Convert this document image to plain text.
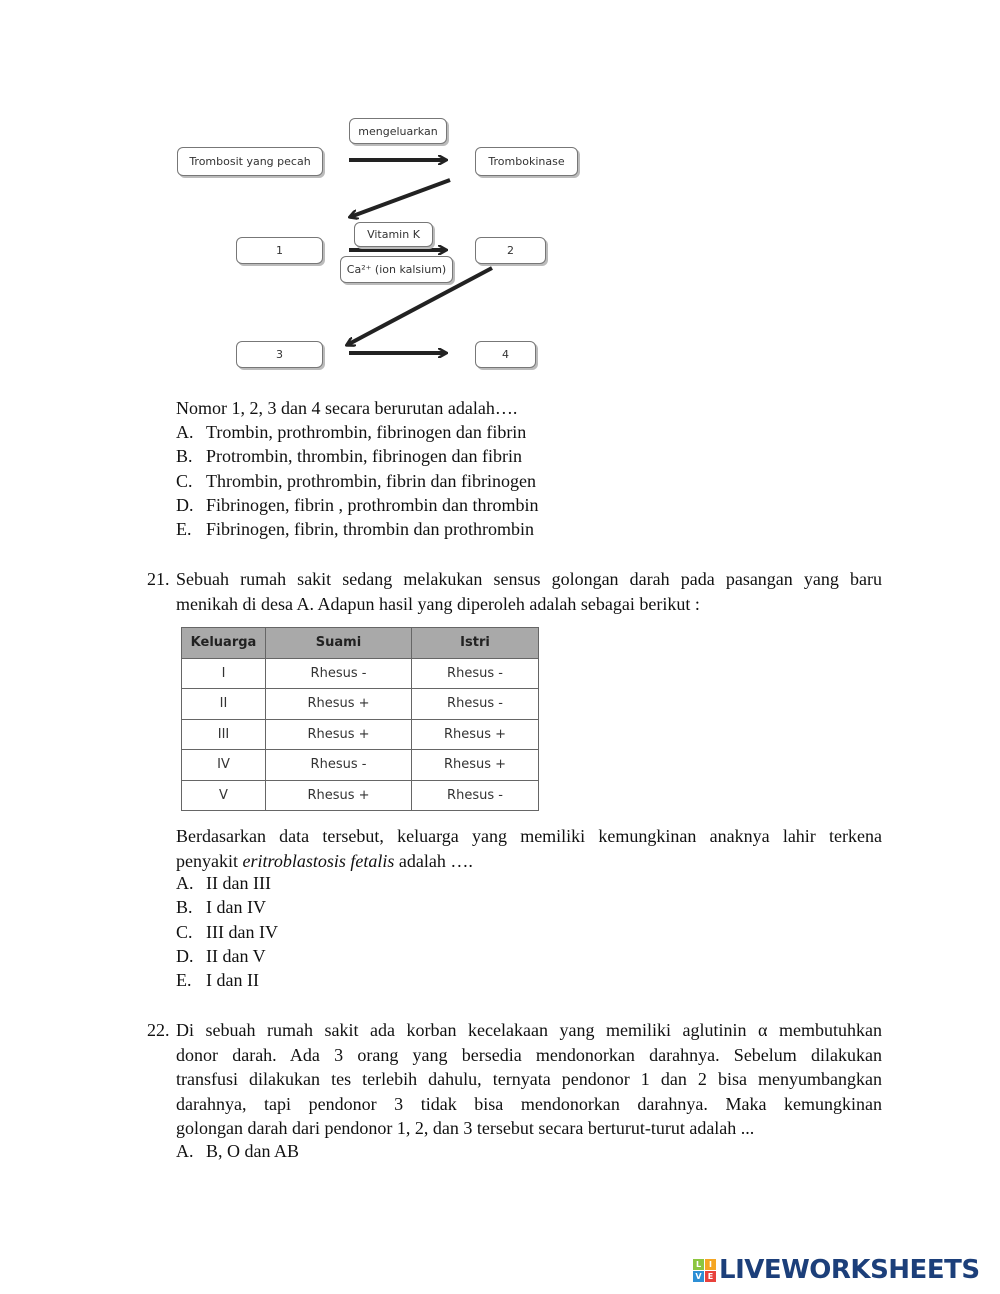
mengeluarkan
Trombosit yang pecah	Trombokinase
1
Vitamin K
2
Ca²⁺ (ion kalsium)
3	4
Nomor 1, 2, 3 dan 4 secara berurutan adalah….
A. Trombin, prothrombin, fibrinogen dan fibrin
B. Protrombin, thrombin, fibrinogen dan fibrin
C. Thrombin, prothrombin, fibrin dan fibrinogen
D. Fibrinogen, fibrin , prothrombin dan thrombin
E. Fibrinogen, fibrin, thrombin dan prothrombin
21. Sebuah rumah sakit sedang melakukan sensus golongan darah pada pasangan yang baru
menikah di desa A. Adapun hasil yang diperoleh adalah sebagai berikut :
Keluarga	Suami	Istri
I	Rhesus -	Rhesus -
II	Rhesus +	Rhesus -
III	Rhesus +	Rhesus +
IV	Rhesus -	Rhesus +
V	Rhesus +	Rhesus -
Berdasarkan data tersebut, keluarga yang memiliki kemungkinan anaknya lahir terkena
penyakit eritroblastosis fetalis adalah ….
A. II dan III
B. I dan IV
C. III dan IV
D. II dan V
E. I dan II
22. Di sebuah rumah sakit ada korban kecelakaan yang memiliki aglutinin α membutuhkan
donor darah. Ada 3 orang yang bersedia mendonorkan darahnya. Sebelum dilakukan
transfusi dilakukan tes terlebih dahulu, ternyata pendonor 1 dan 2 bisa menyumbangkan
darahnya, tapi pendonor 3 tidak bisa mendonorkan darahnya. Maka kemungkinan
golongan darah dari pendonor 1, 2, dan 3 tersebut secara berturut-turut adalah ...
A. B, O dan AB
L I
V E LIVEWORKSHEETS
